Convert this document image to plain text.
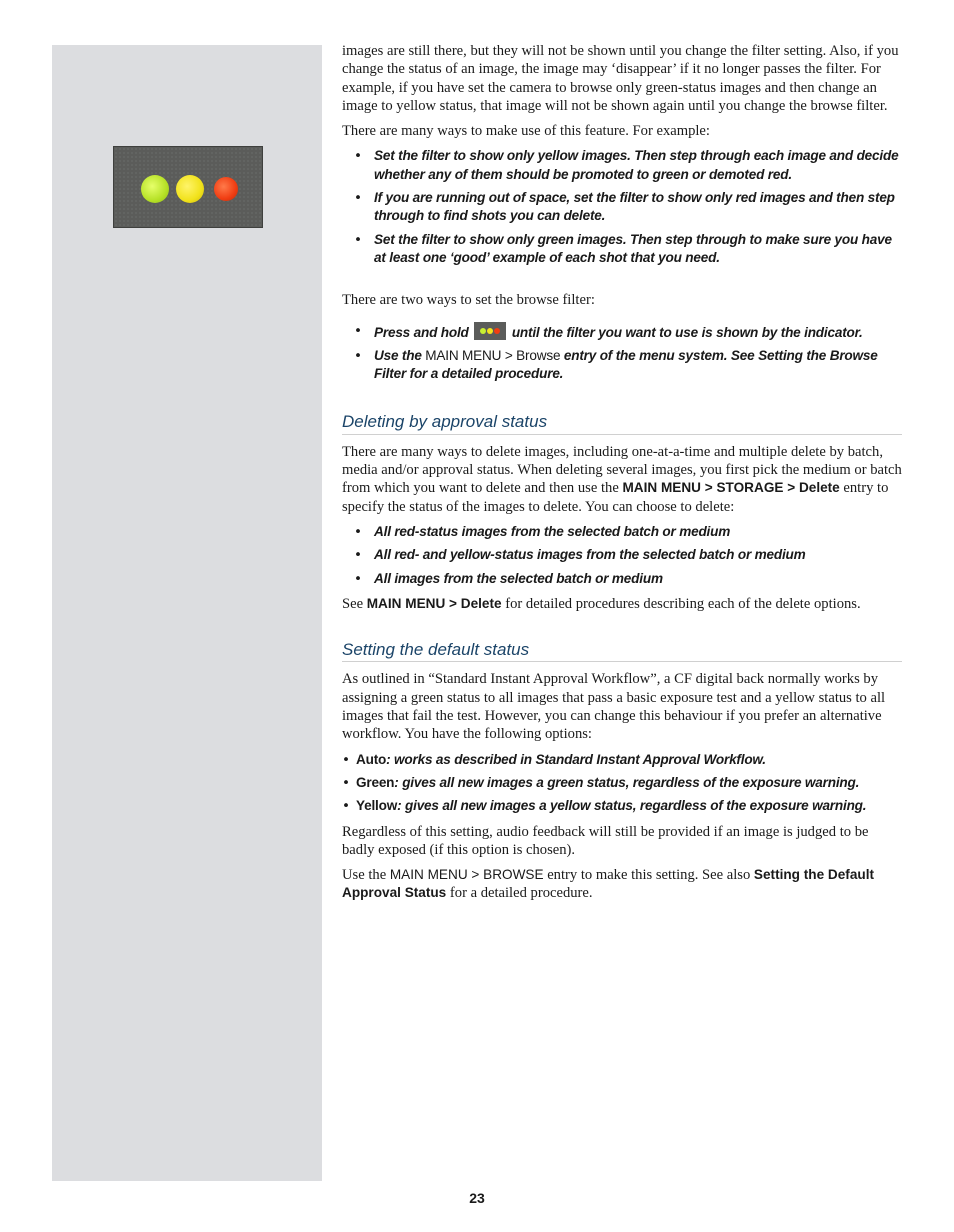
images are still there, but they will not be shown until you change the filter setting. Also, if you change the status of an image, the image may ‘disappear’ if it no longer passes the filter. For example, if you have set the camera to browse only green-status images and then change an image to yellow status, that image will not be shown again until you change the browse filter.

There are many ways to make use of this feature. For example:

• Set the filter to show only yellow images. Then step through each image and decide whether any of them should be promoted to green or demoted red.
• If you are running out of space, set the filter to show only red images and then step through to find shots you can delete.
• Set the filter to show only green images. Then step through to make sure you have at least one ‘good’ example of each shot that you need.

There are two ways to set the browse filter:

• Press and hold	until the filter you want to use is shown by the indicator.
• Use the MAIN MENU > Browse entry of the menu system. See Setting the Browse Filter for a detailed procedure.
Deleting by approval status

There are many ways to delete images, including one-at-a-time and multiple delete by batch, media and/or approval status. When deleting several images, you first pick the medium or batch from which you want to delete and then use the MAIN MENU > STORAGE > Delete entry to specify the status of the images to delete. You can choose to delete:

• All red-status images from the selected batch or medium
• All red- and yellow-status images from the selected batch or medium
• All images from the selected batch or medium

See MAIN MENU > Delete for detailed procedures describing each of the delete options.

Setting the default status

As outlined in “Standard Instant Approval Workflow”, a CF digital back normally works by assigning a green status to all images that pass a basic exposure test and a yellow status to all images that fail the test. However, you can change this behaviour if you prefer an alternative workflow. You have the following options:

• Auto: works as described in Standard Instant Approval Workflow.
• Green: gives all new images a green status, regardless of the exposure warning.
• Yellow: gives all new images a yellow status, regardless of the exposure warning.

Regardless of this setting, audio feedback will still be provided if an image is judged to be badly exposed (if this option is chosen).

Use the MAIN MENU > BROWSE entry to make this setting. See also Setting the Default Approval Status for a detailed procedure.

23
